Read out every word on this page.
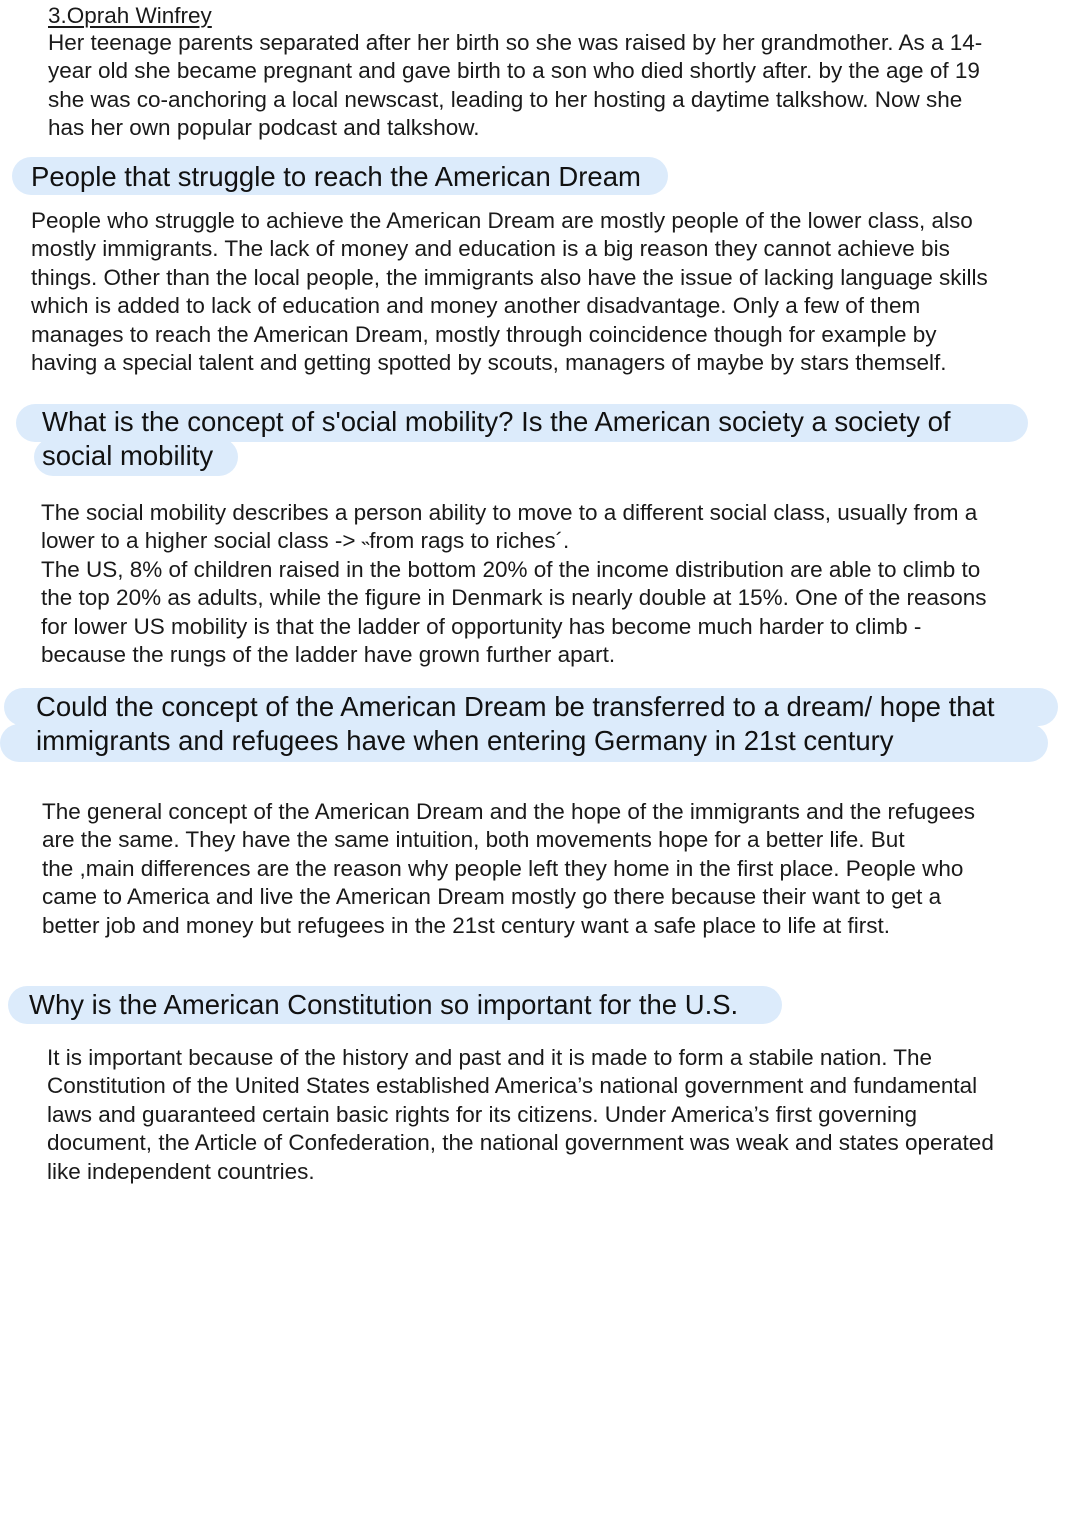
3.Oprah Winfrey

Her teenage parents separated after her birth so she was raised by her grandmother. As a 14-
year old she became pregnant and gave birth to a son who died shortly after. by the age of 19
she was co-anchoring a local newscast, leading to her hosting a daytime talkshow. Now she
has her own popular podcast and talkshow.

People that struggle to reach the American Dream

People who struggle to achieve the American Dream are mostly people of the lower class, also
mostly immigrants. The lack of money and education is a big reason they cannot achieve bis
things. Other than the local people, the immigrants also have the issue of lacking language skills
which is added to lack of education and money another disadvantage. Only a few of them
manages to reach the American Dream, mostly through coincidence though for example by
having a special talent and getting spotted by scouts, managers of maybe by stars themself.

What is the concept of s'ocial mobility? Is the American society a society of
social mobility

The social mobility describes a person ability to move to a different social class, usually from a
lower to a higher social class -> ˵from rags to riches´.
The US, 8% of children raised in the bottom 20% of the income distribution are able to climb to
the top 20% as adults, while the figure in Denmark is nearly double at 15%. One of the reasons
for lower US mobility is that the ladder of opportunity has become much harder to climb -
because the rungs of the ladder have grown further apart.

Could the concept of the American Dream be transferred to a dream/ hope that
immigrants and refugees have when entering Germany in 21st century

The general concept of the American Dream and the hope of the immigrants and the refugees
are the same. They have the same intuition, both movements hope for a better life. But
the ,main differences are the reason why people left they home in the first place. People who
came to America and live the American Dream mostly go there because their want to get a
better job and money but refugees in the 21st century want a safe place to life at first.

Why is the American Constitution so important for the U.S.

It is important because of the history and past and it is made to form a stabile nation. The
Constitution of the United States established America’s national government and fundamental
laws and guaranteed certain basic rights for its citizens. Under America’s first governing
document, the Article of Confederation, the national government was weak and states operated
like independent countries.
